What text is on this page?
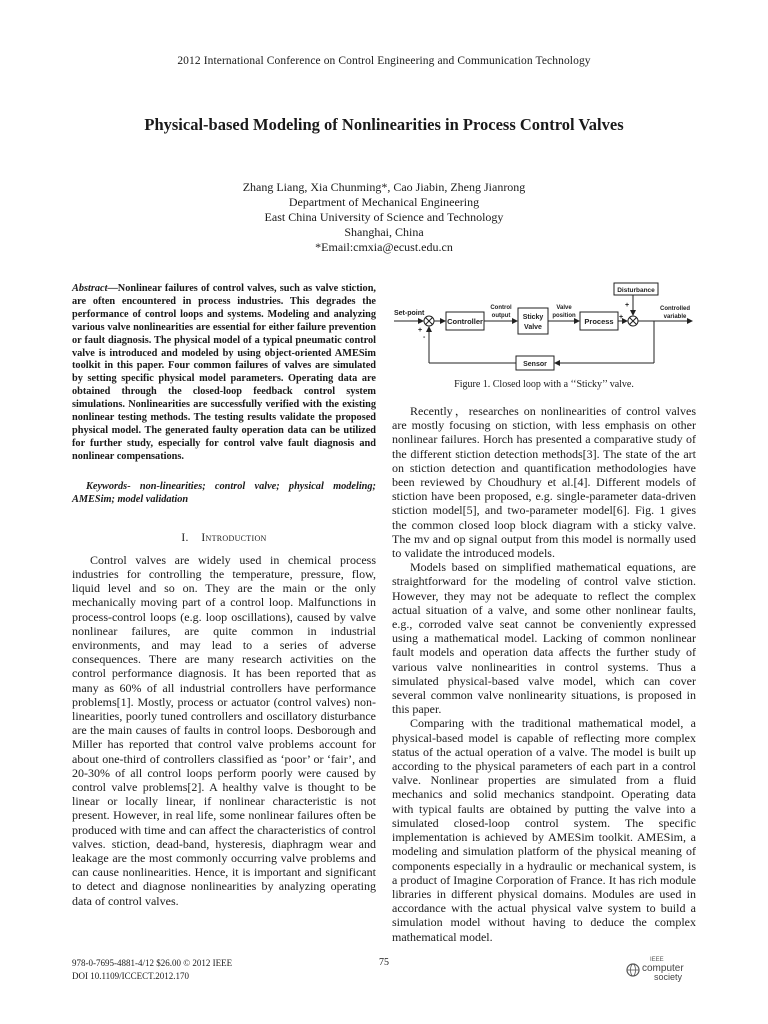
2012 International Conference on Control Engineering and Communication Technology
Physical-based Modeling of Nonlinearities in Process Control Valves
Zhang Liang, Xia Chunming*, Cao Jiabin, Zheng Jianrong
Department of Mechanical Engineering
East China University of Science and Technology
Shanghai, China
*Email:cmxia@ecust.edu.cn

Abstract—Nonlinear failures of control valves, such as valve stiction, are often encountered in process industries. This degrades the performance of control loops and systems. Modeling and analyzing various valve nonlinearities are essential for either failure prevention or fault diagnosis. The physical model of a typical pneumatic control valve is introduced and modeled by using object-oriented AMESim toolkit in this paper. Four common failures of valves are simulated by setting specific physical model parameters. Operating data are obtained through the closed-loop feedback control system simulations. Nonlinearities are successfully verified with the existing nonlinear testing methods. The testing results validate the proposed physical model. The generated faulty operation data can be utilized for further study, especially for control valve fault diagnosis and nonlinear compensations.

Keywords- non-linearities; control valve; physical modeling; AMESim; model validation

I. Introduction

Control valves are widely used in chemical process industries for controlling the temperature, pressure, flow, liquid level and so on. They are the main or the only mechanically moving part of a control loop. Malfunctions in process-control loops (e.g. loop oscillations), caused by valve nonlinear failures, are quite common in industrial environments, and may lead to a series of adverse consequences. There are many research activities on the control performance diagnosis. It has been reported that as many as 60% of all industrial controllers have performance problems[1]. Mostly, process or actuator (control valves) non-linearities, poorly tuned controllers and oscillatory disturbance are the main causes of faults in control loops. Desborough and Miller has reported that control valve problems account for about one-third of controllers classified as ‘poor’ or ‘fair’, and 20-30% of all control loops perform poorly were caused by control valve problems[2]. A healthy valve is thought to be linear or locally linear, if nonlinear characteristic is not present. However, in real life, some nonlinear failures often be produced with time and can affect the characteristics of control valves. stiction, dead-band, hysteresis, diaphragm wear and leakage are the most commonly occurring valve problems and can cause nonlinearities. Hence, it is important and significant to detect and diagnose nonlinearities by analyzing operating data of control valves.

Set-point
+
-
Controller
Control
output Sticky
Valve
Valve
position
Process
Disturbance
+
+
Controlled
variable
Sensor
Figure 1. Closed loop with a ‘‘Sticky’’ valve.

Recently，researches on nonlinearities of control valves are mostly focusing on stiction, with less emphasis on other nonlinear failures. Horch has presented a comparative study of the different stiction detection methods[3]. The state of the art on stiction detection and quantification methodologies have been reviewed by Choudhury et al.[4]. Different models of stiction have been proposed, e.g. single-parameter data-driven stiction model[5], and two-parameter model[6]. Fig. 1 gives the common closed loop block diagram with a sticky valve. The mv and op signal output from this model is normally used to validate the introduced models.

Models based on simplified mathematical equations, are straightforward for the modeling of control valve stiction. However, they may not be adequate to reflect the complex actual situation of a valve, and some other nonlinear faults, e.g., corroded valve seat cannot be conveniently expressed using a mathematical model. Lacking of common nonlinear fault models and operation data affects the further study of various valve nonlinearities in control systems. Thus a simulated physical-based valve model, which can cover several common valve nonlinearity situations, is proposed in this paper.

Comparing with the traditional mathematical model, a physical-based model is capable of reflecting more complex status of the actual operation of a valve. The model is built up according to the physical parameters of each part in a control valve. Nonlinear properties are simulated from a fluid mechanics and solid mechanics standpoint. Operating data with typical faults are obtained by putting the valve into a simulated closed-loop control system. The specific implementation is achieved by AMESim toolkit. AMESim, a modeling and simulation platform of the physical meaning of components especially in a hydraulic or mechanical system, is a product of Imagine Corporation of France. It has rich module libraries in different physical domains. Modules are used in accordance with the actual physical valve system to build a simulation model without having to deduce the complex mathematical model.

978-0-7695-4881-4/12 $26.00 © 2012 IEEE
DOI 10.1109/ICCECT.2012.170
75	IEEE
computer
society
